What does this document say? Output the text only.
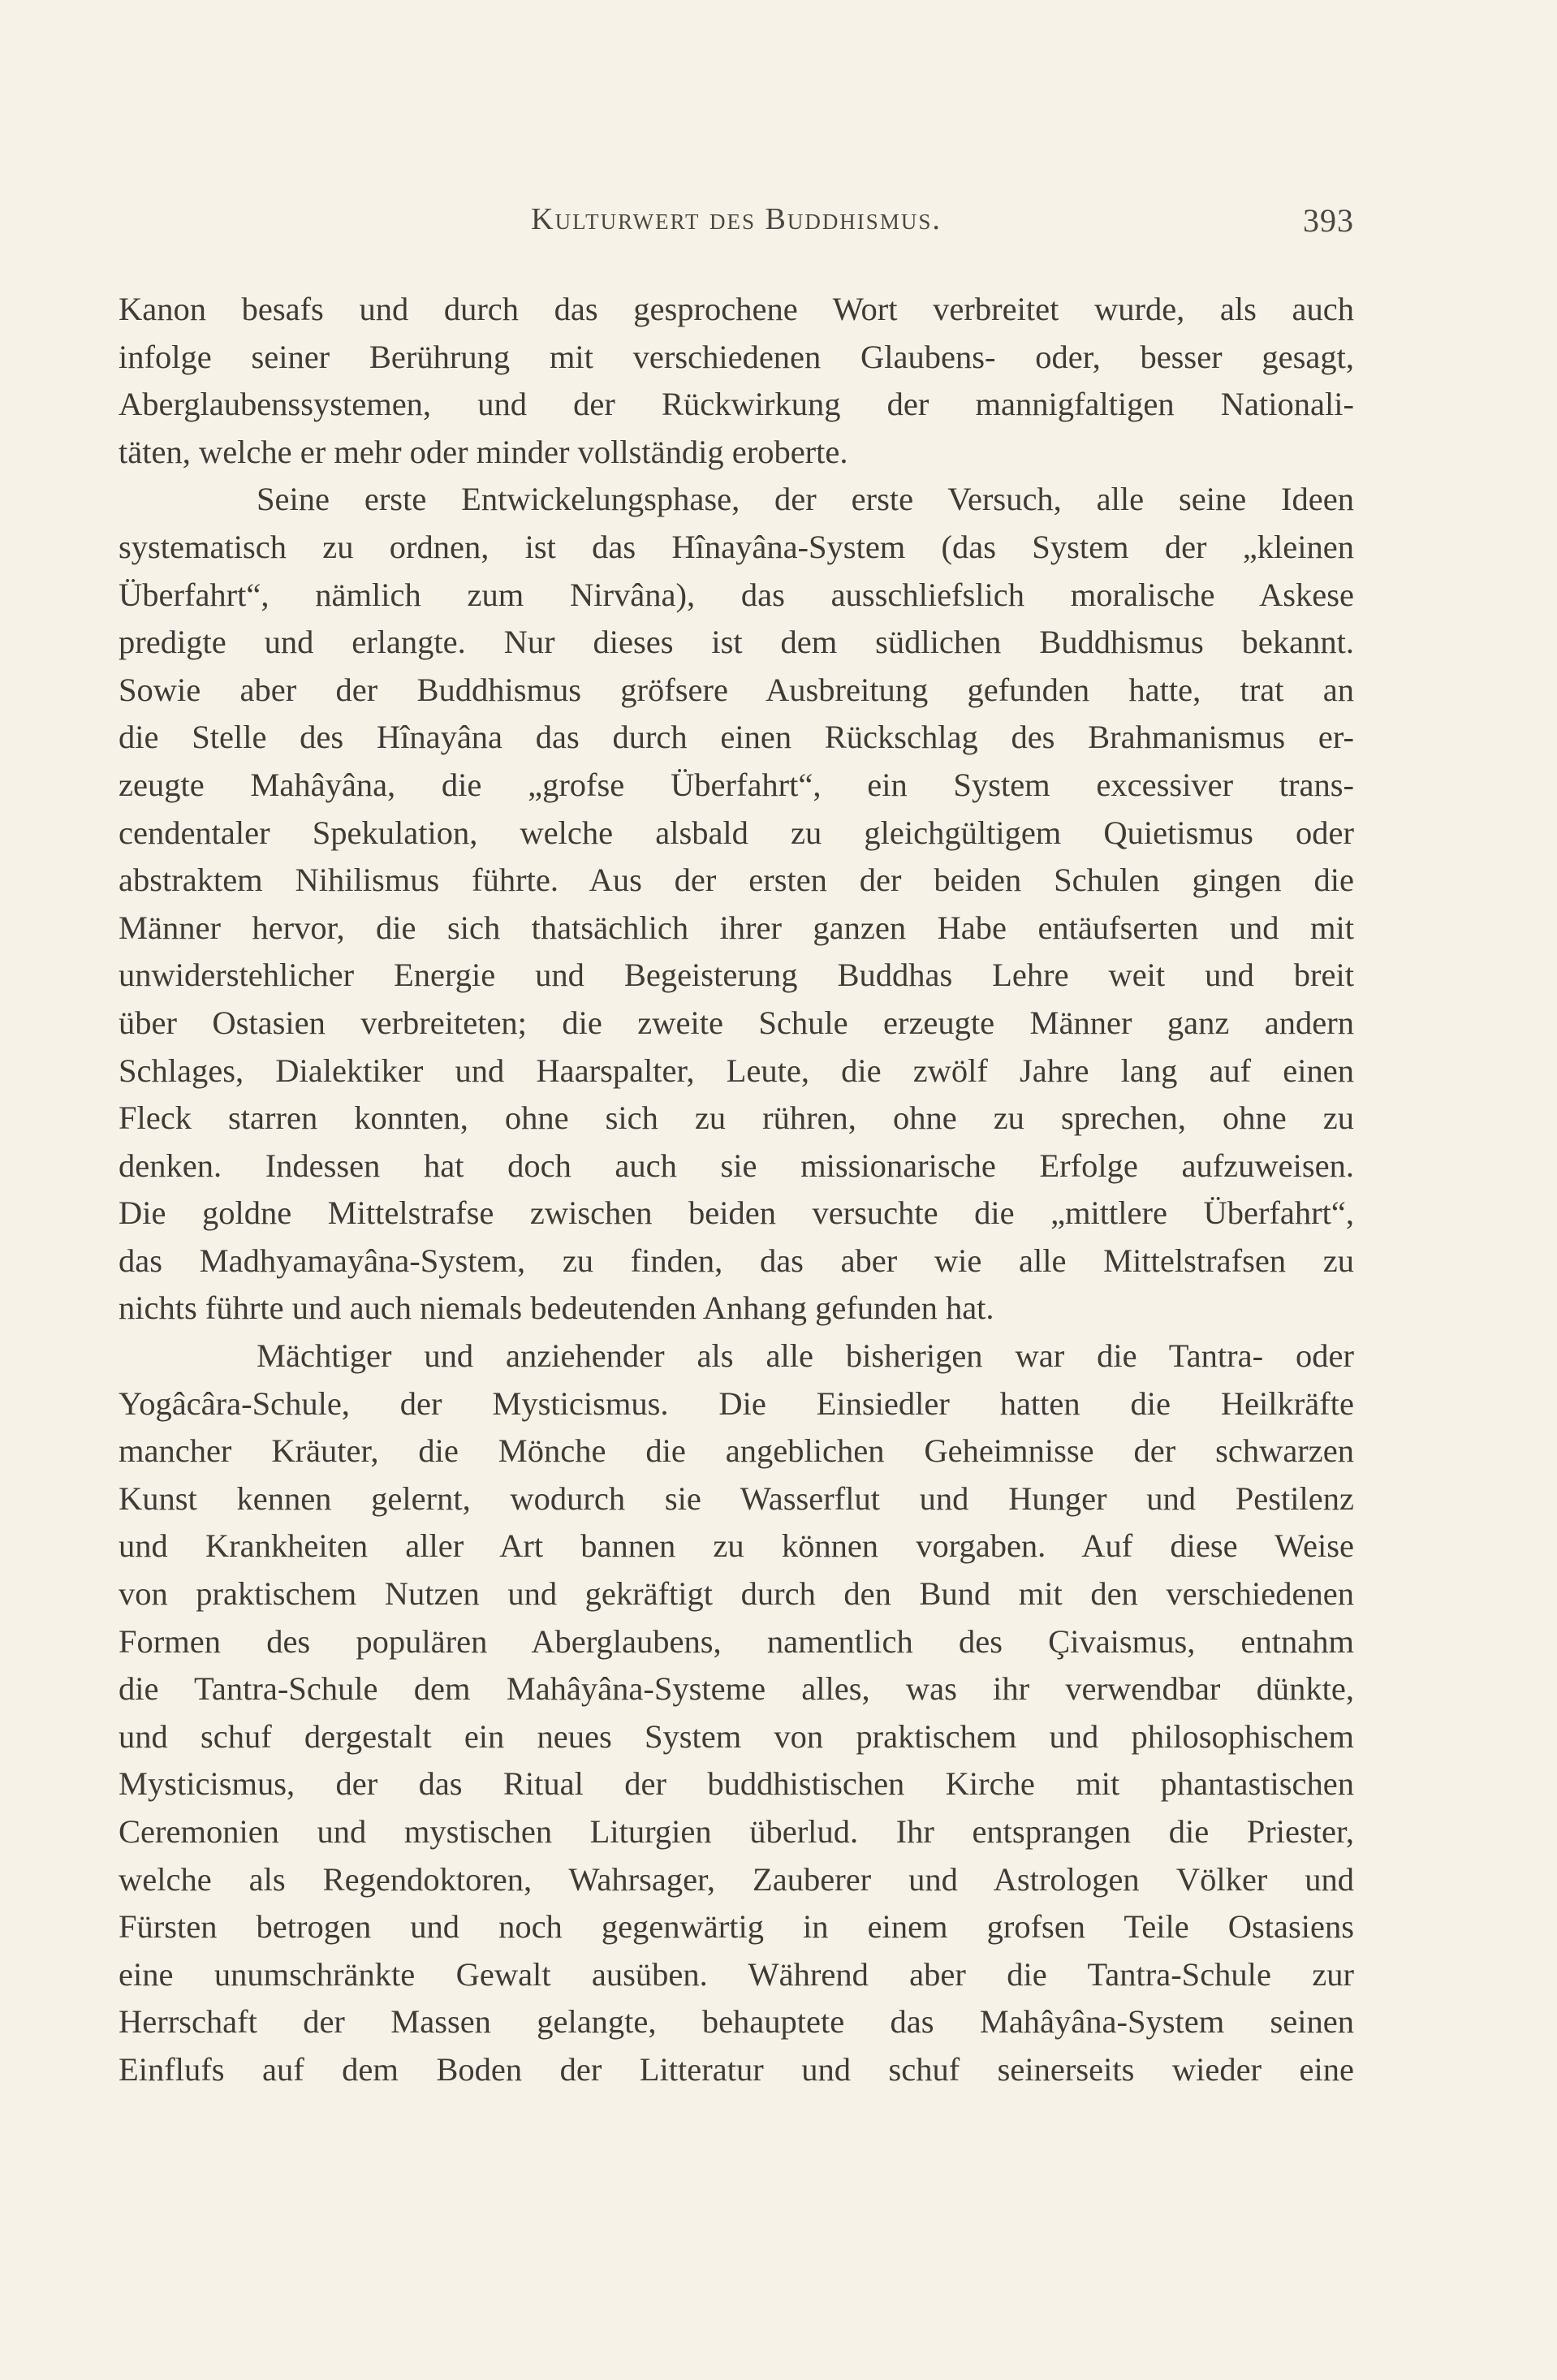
Kulturwert des Buddhismus.	393
Kanon besafs und durch das gesprochene Wort verbreitet wurde, als auch
infolge seiner Berührung mit verschiedenen Glaubens- oder, besser gesagt,
Aberglaubenssystemen, und der Rückwirkung der mannigfaltigen Nationali-
täten, welche er mehr oder minder vollständig eroberte.
Seine erste Entwickelungsphase, der erste Versuch, alle seine Ideen
systematisch zu ordnen, ist das Hînayâna-System (das System der „kleinen
Überfahrt“, nämlich zum Nirvâna), das ausschliefslich moralische Askese
predigte und erlangte. Nur dieses ist dem südlichen Buddhismus bekannt.
Sowie aber der Buddhismus gröfsere Ausbreitung gefunden hatte, trat an
die Stelle des Hînayâna das durch einen Rückschlag des Brahmanismus er-
zeugte Mahâyâna, die „grofse Überfahrt“, ein System excessiver trans-
cendentaler Spekulation, welche alsbald zu gleichgültigem Quietismus oder
abstraktem Nihilismus führte. Aus der ersten der beiden Schulen gingen die
Männer hervor, die sich thatsächlich ihrer ganzen Habe entäufserten und mit
unwiderstehlicher Energie und Begeisterung Buddhas Lehre weit und breit
über Ostasien verbreiteten; die zweite Schule erzeugte Männer ganz andern
Schlages, Dialektiker und Haarspalter, Leute, die zwölf Jahre lang auf einen
Fleck starren konnten, ohne sich zu rühren, ohne zu sprechen, ohne zu
denken. Indessen hat doch auch sie missionarische Erfolge aufzuweisen.
Die goldne Mittelstrafse zwischen beiden versuchte die „mittlere Überfahrt“,
das Madhyamayâna-System, zu finden, das aber wie alle Mittelstrafsen zu
nichts führte und auch niemals bedeutenden Anhang gefunden hat.
Mächtiger und anziehender als alle bisherigen war die Tantra- oder
Yogâcâra-Schule, der Mysticismus. Die Einsiedler hatten die Heilkräfte
mancher Kräuter, die Mönche die angeblichen Geheimnisse der schwarzen
Kunst kennen gelernt, wodurch sie Wasserflut und Hunger und Pestilenz
und Krankheiten aller Art bannen zu können vorgaben. Auf diese Weise
von praktischem Nutzen und gekräftigt durch den Bund mit den verschiedenen
Formen des populären Aberglaubens, namentlich des Çivaismus, entnahm
die Tantra-Schule dem Mahâyâna-Systeme alles, was ihr verwendbar dünkte,
und schuf dergestalt ein neues System von praktischem und philosophischem
Mysticismus, der das Ritual der buddhistischen Kirche mit phantastischen
Ceremonien und mystischen Liturgien überlud. Ihr entsprangen die Priester,
welche als Regendoktoren, Wahrsager, Zauberer und Astrologen Völker und
Fürsten betrogen und noch gegenwärtig in einem grofsen Teile Ostasiens
eine unumschränkte Gewalt ausüben. Während aber die Tantra-Schule zur
Herrschaft der Massen gelangte, behauptete das Mahâyâna-System seinen
Einflufs auf dem Boden der Litteratur und schuf seinerseits wieder eine
